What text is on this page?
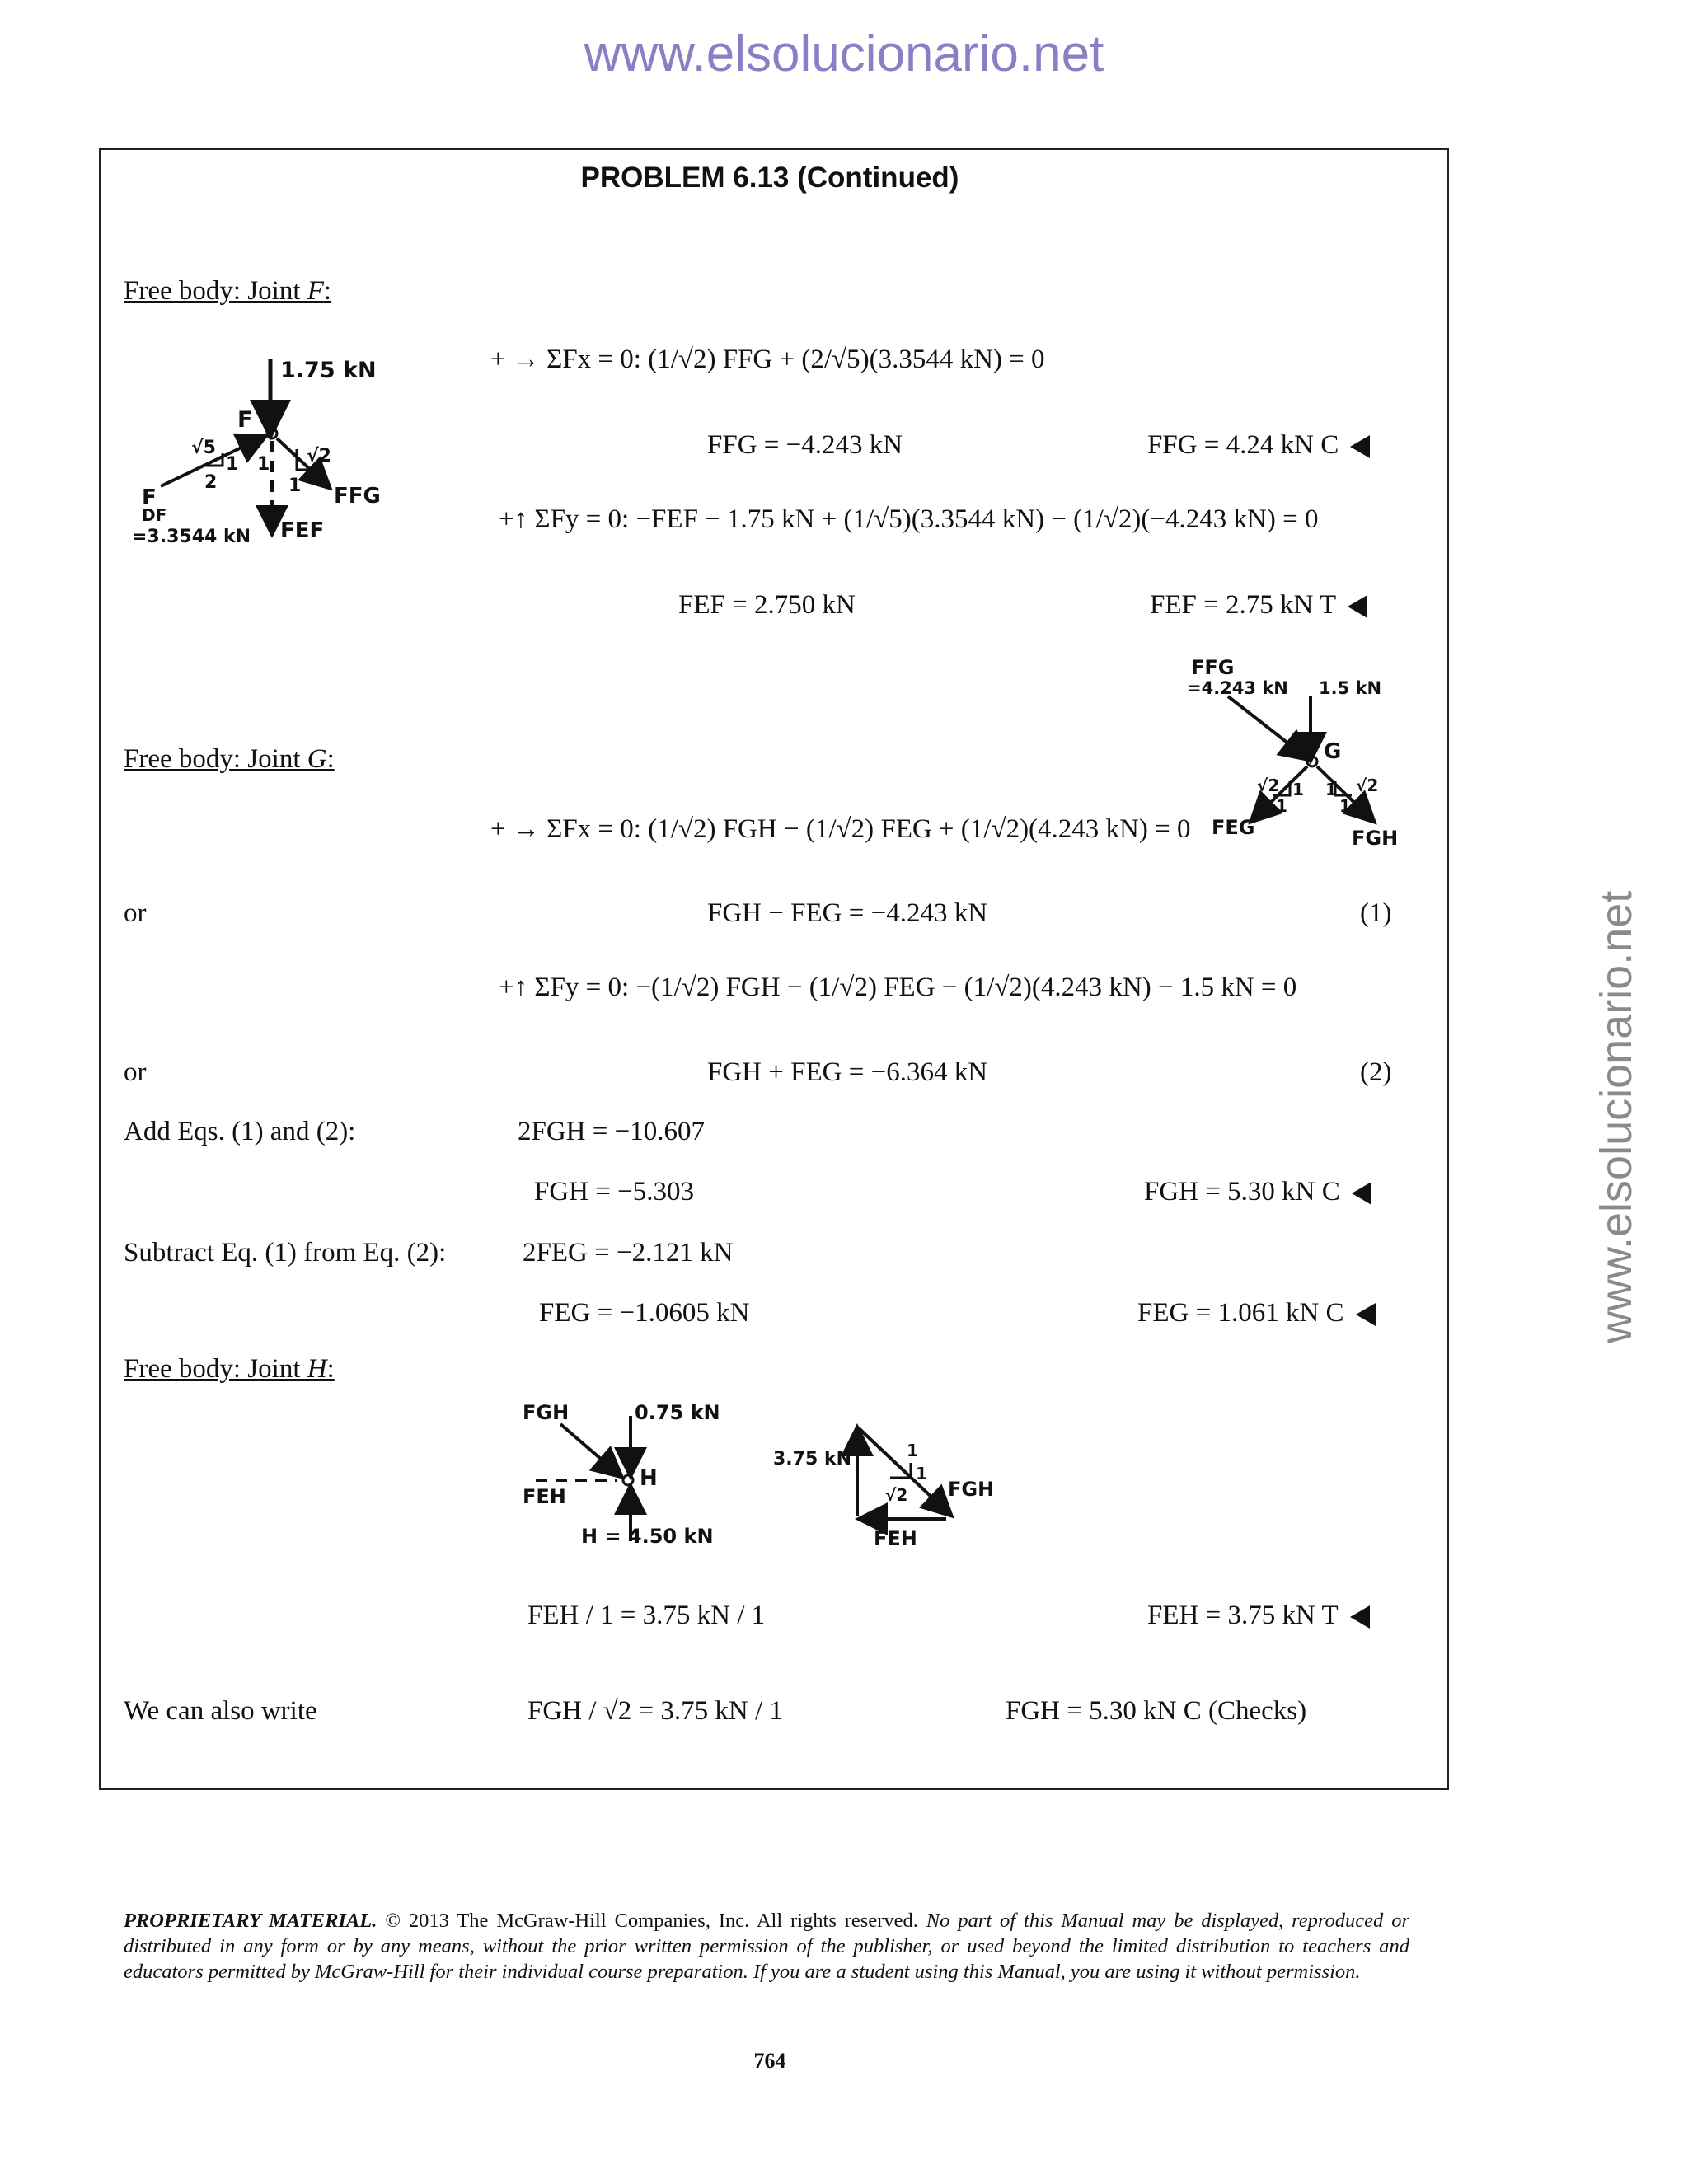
www.elsolucionario.net
www.elsolucionario.net
PROBLEM 6.13 (Continued)
Free body: Joint F:
1.75 kN
F
√5
2
1	√2
1
1
FFG
F
DF
=3.3544 kN FEF
+ → ΣFx = 0: (1/√2) FFG + (2/√5)(3.3544 kN) = 0
FFG = −4.243 kN	FFG = 4.24 kN C
+↑ ΣFy = 0: −FEF − 1.75 kN + (1/√5)(3.3544 kN) − (1/√2)(−4.243 kN) = 0
FEF = 2.750 kN	FEF = 2.75 kN T
Free body: Joint G:
FFG
=4.243 kN 1.5 kN
G
√2 1
1
√2
1
1
FEG	FGH
+ → ΣFx = 0: (1/√2) FGH − (1/√2) FEG + (1/√2)(4.243 kN) = 0
or	FGH − FEG = −4.243 kN	(1)
+↑ ΣFy = 0: −(1/√2) FGH − (1/√2) FEG − (1/√2)(4.243 kN) − 1.5 kN = 0
or	FGH + FEG = −6.364 kN	(2)
Add Eqs. (1) and (2):	2FGH = −10.607
FGH = −5.303	FGH = 5.30 kN C
Subtract Eq. (1) from Eq. (2):	2FEG = −2.121 kN
FEG = −1.0605 kN	FEG = 1.061 kN C
Free body: Joint H:
FGH	0.75 kN
H
FEH
H = 4.50 kN
3.75 kN
√2
1
1
FGH
FEH
FEH / 1 = 3.75 kN / 1	FEH = 3.75 kN T
We can also write	FGH / √2 = 3.75 kN / 1	FGH = 5.30 kN C (Checks)
PROPRIETARY MATERIAL. © 2013 The McGraw-Hill Companies, Inc. All rights reserved. No part of this Manual may be displayed, reproduced or distributed in any form or by any means, without the prior written permission of the publisher, or used beyond the limited distribution to teachers and educators permitted by McGraw-Hill for their individual course preparation. If you are a student using this Manual, you are using it without permission.
764
